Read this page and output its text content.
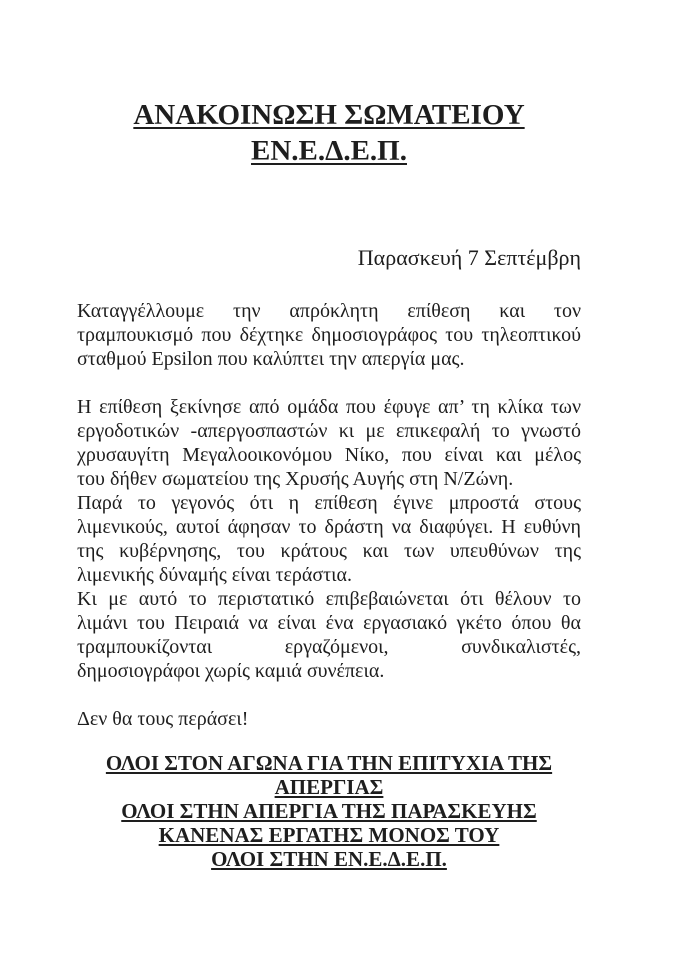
ΑΝΑΚΟΙΝΩΣΗ ΣΩΜΑΤΕΙΟΥ
ΕΝ.Ε.Δ.Ε.Π.
Παρασκευή 7 Σεπτέμβρη
Καταγγέλλουμε την απρόκλητη επίθεση και τον
τραμπουκισμό που δέχτηκε δημοσιογράφος του τηλεοπτικού
σταθμού Epsilon που καλύπτει την απεργία μας.
Η επίθεση ξεκίνησε από ομάδα που έφυγε απ’ τη κλίκα των
εργοδοτικών -απεργοσπαστών κι με επικεφαλή το γνωστό
χρυσαυγίτη Μεγαλοοικονόμου Νίκο, που είναι και μέλος
του δήθεν σωματείου της Χρυσής Αυγής στη Ν/Ζώνη.
Παρά το γεγονός ότι η επίθεση έγινε μπροστά στους
λιμενικούς, αυτοί άφησαν το δράστη να διαφύγει. Η ευθύνη
της κυβέρνησης, του κράτους και των υπευθύνων της
λιμενικής δύναμής είναι τεράστια.
Κι με αυτό το περιστατικό επιβεβαιώνεται ότι θέλουν το
λιμάνι του Πειραιά να είναι ένα εργασιακό γκέτο όπου θα
τραμπουκίζονται εργαζόμενοι, συνδικαλιστές,
δημοσιογράφοι χωρίς καμιά συνέπεια.
Δεν θα τους περάσει!
ΟΛΟΙ ΣΤΟΝ ΑΓΩΝΑ ΓΙΑ ΤΗΝ ΕΠΙΤΥΧΙΑ ΤΗΣ
ΑΠΕΡΓΙΑΣ
ΟΛΟΙ ΣΤΗΝ ΑΠΕΡΓΙΑ ΤΗΣ ΠΑΡΑΣΚΕΥΗΣ
ΚΑΝΕΝΑΣ ΕΡΓΑΤΗΣ ΜΟΝΟΣ ΤΟΥ
ΟΛΟΙ ΣΤΗΝ ΕΝ.Ε.Δ.Ε.Π.
